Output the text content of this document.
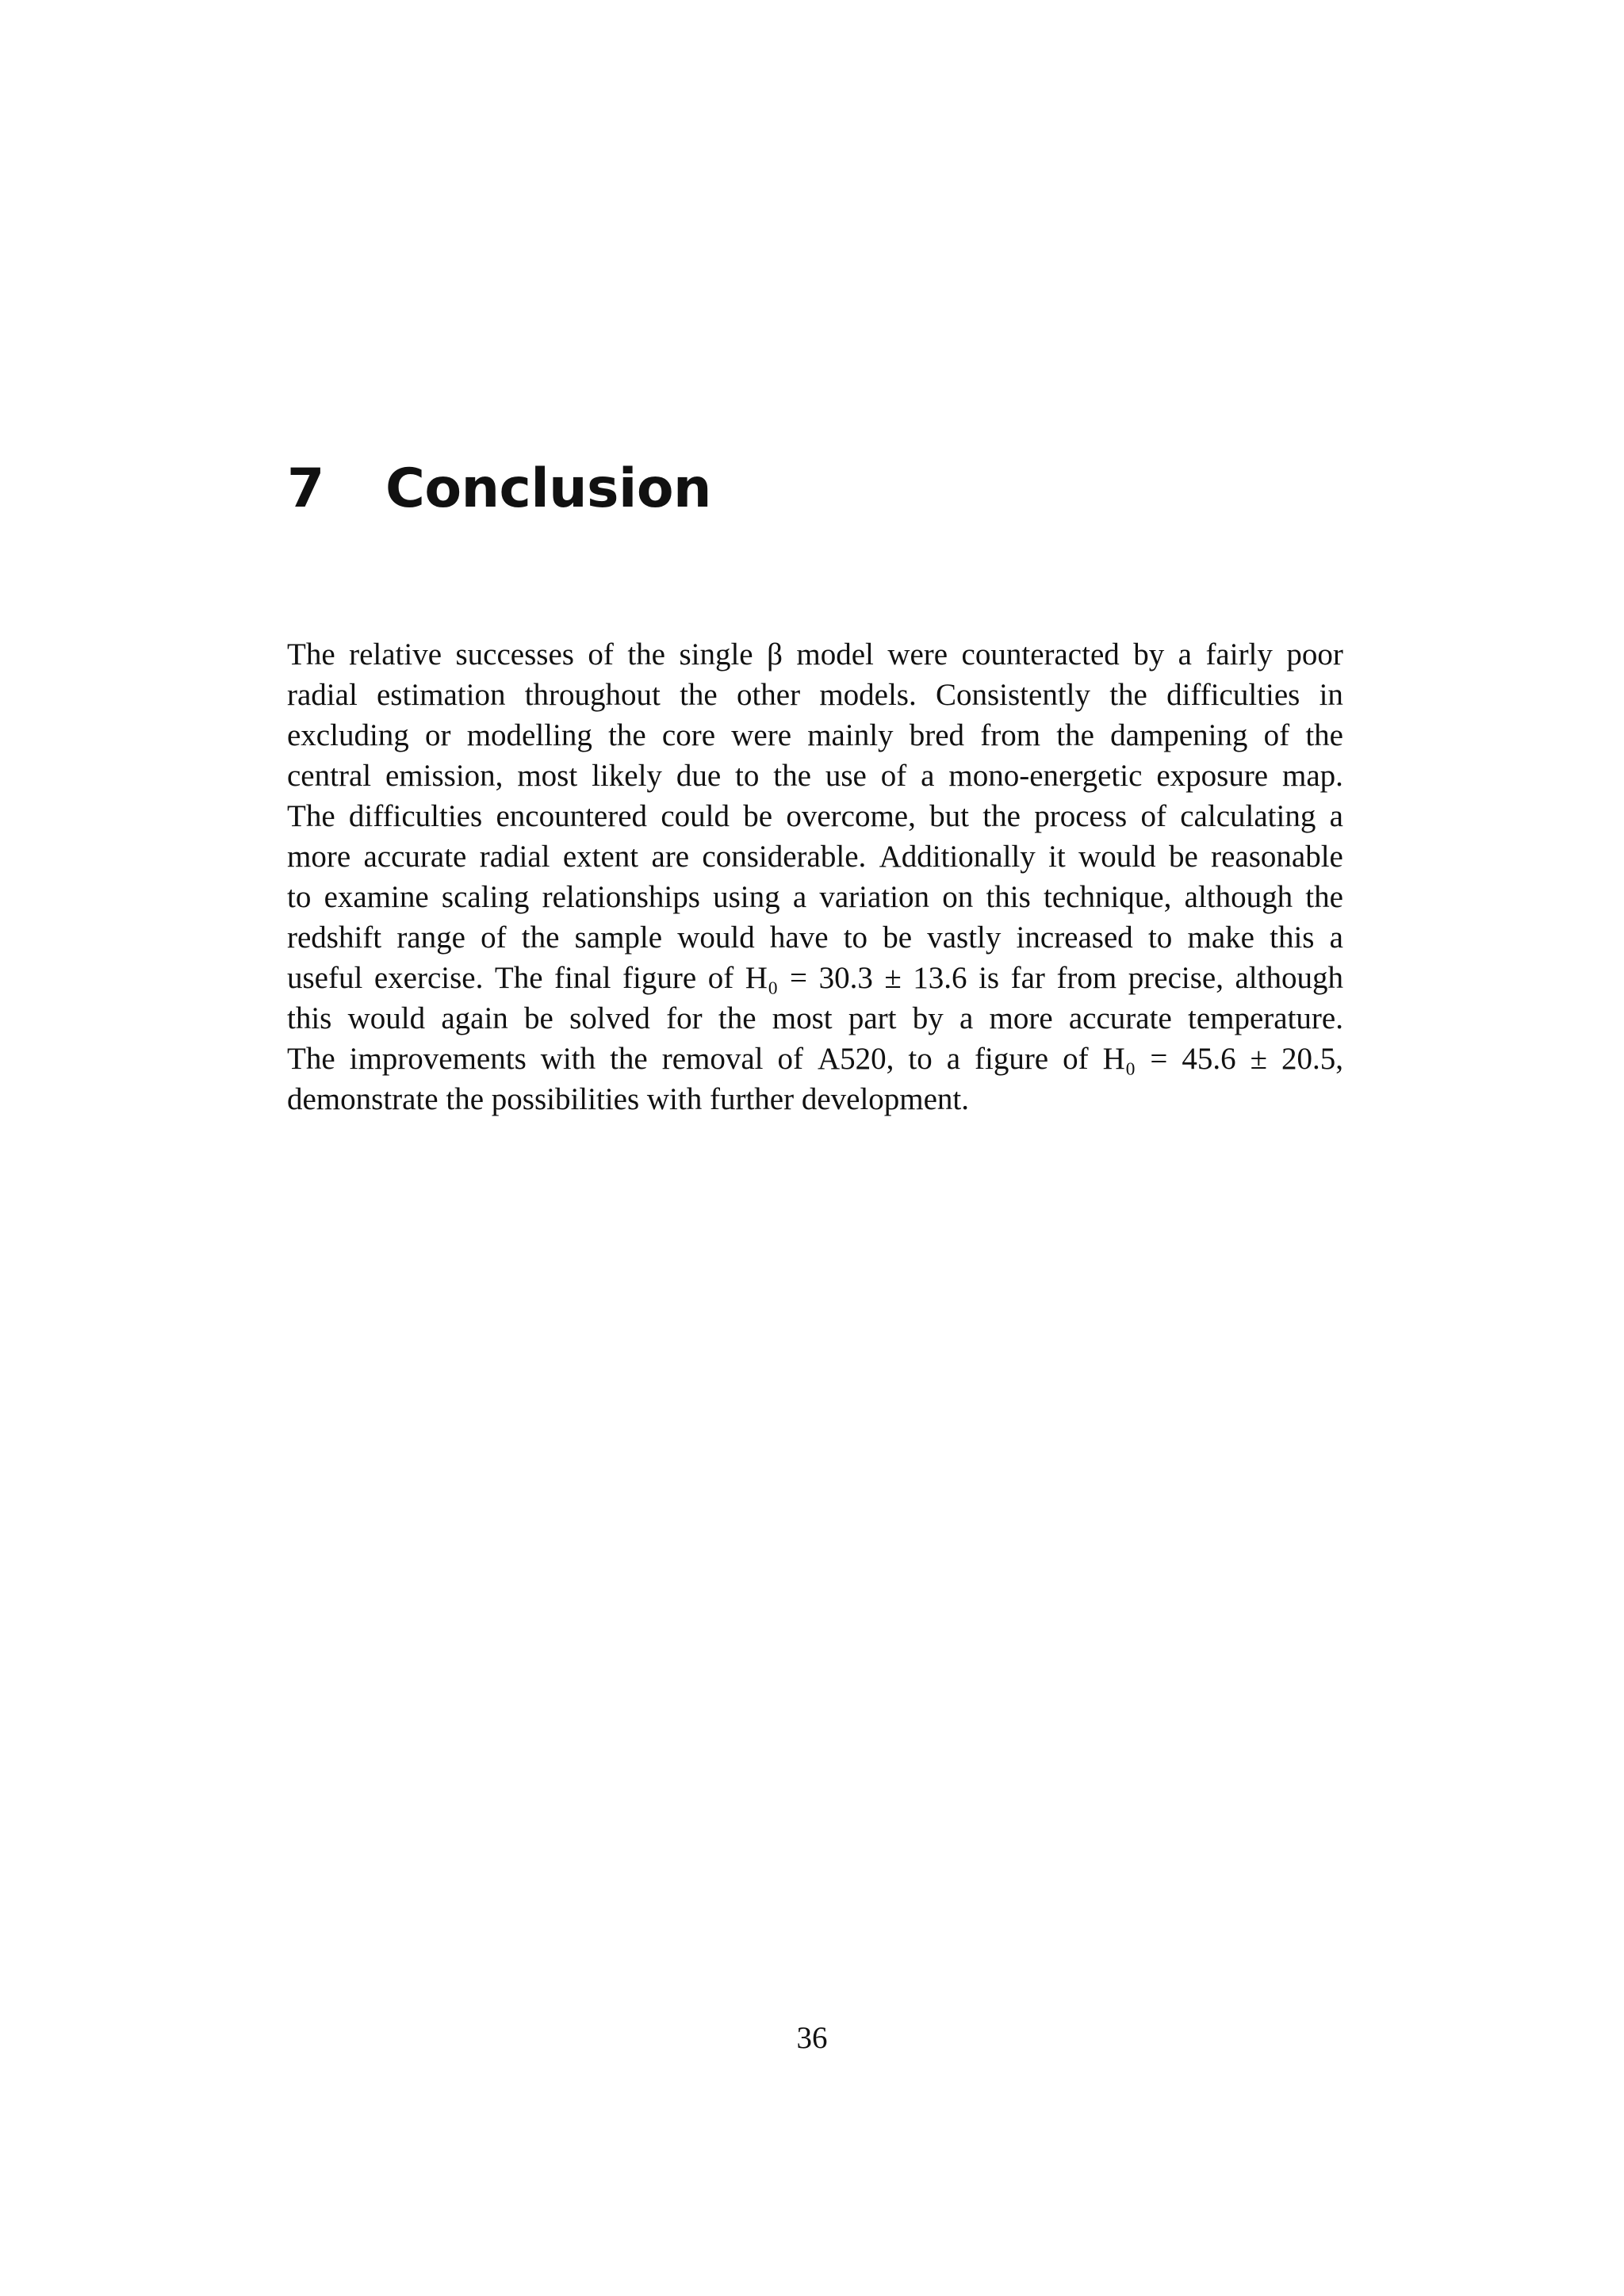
7 Conclusion
The relative successes of the single β model were counteracted by a fairly poor
radial estimation throughout the other models. Consistently the difficulties in
excluding or modelling the core were mainly bred from the dampening of the
central emission, most likely due to the use of a mono-energetic exposure map.
The difficulties encountered could be overcome, but the process of calculating a
more accurate radial extent are considerable. Additionally it would be reasonable
to examine scaling relationships using a variation on this technique, although the
redshift range of the sample would have to be vastly increased to make this a
useful exercise. The final figure of H₀ = 30.3 ± 13.6 is far from precise, although
this would again be solved for the most part by a more accurate temperature.
The improvements with the removal of A520, to a figure of H₀ = 45.6 ± 20.5,
demonstrate the possibilities with further development.
36
